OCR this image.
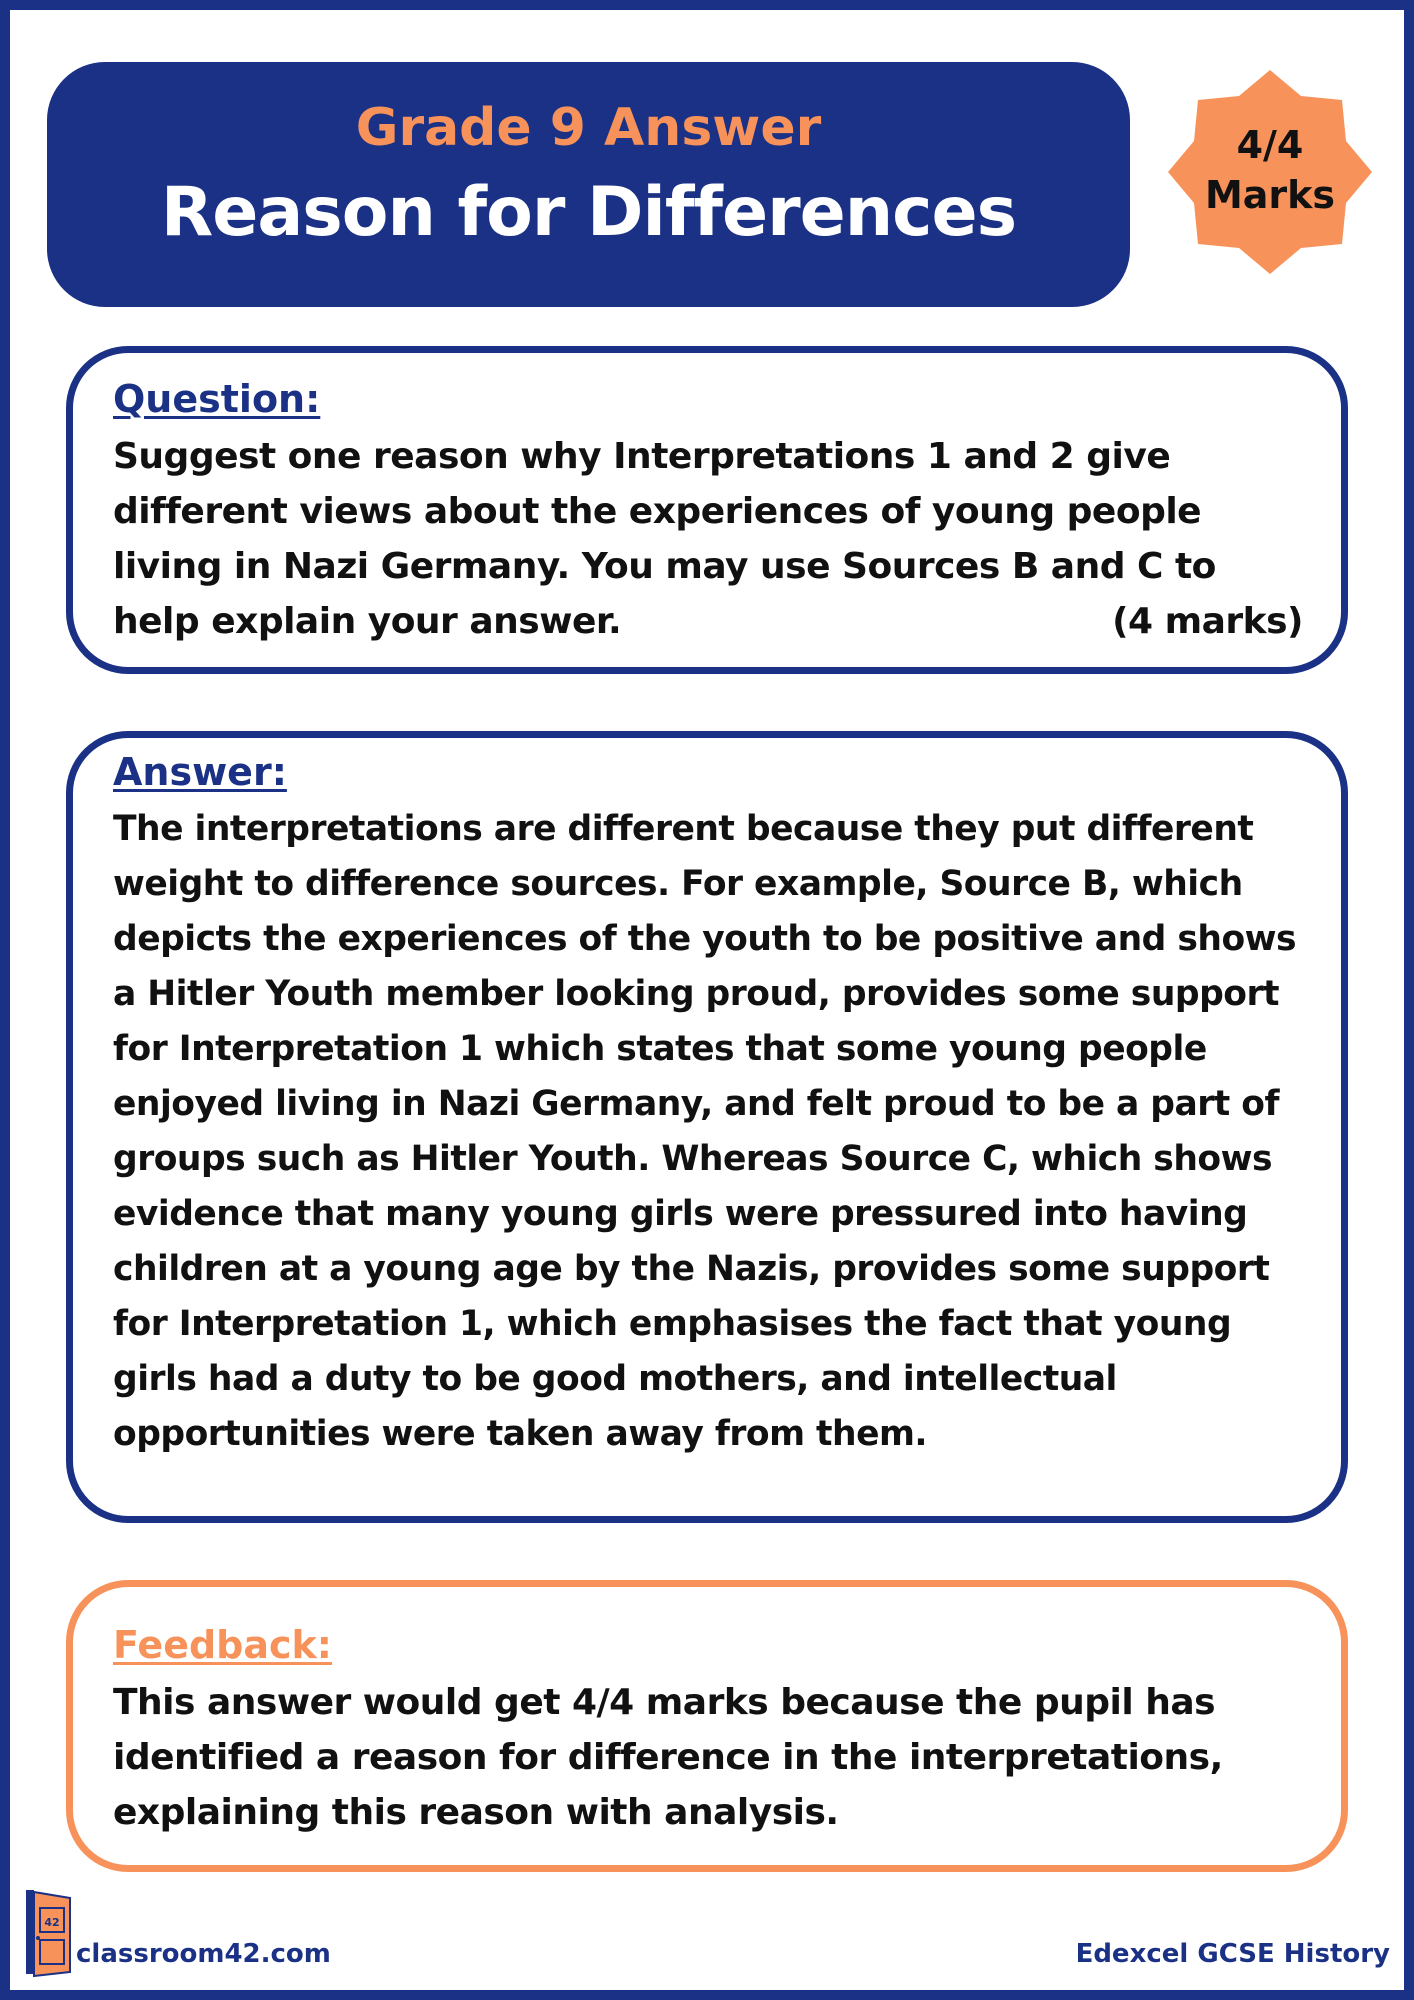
Grade 9 Answer
Reason for Differences
4/4
Marks
Question:
Suggest one reason why Interpretations 1 and 2 give different views about the experiences of young people living in Nazi Germany. You may use Sources B and C to help explain your answer.	(4 marks)
Answer:
The interpretations are different because they put different weight to difference sources. For example, Source B, which depicts the experiences of the youth to be positive and shows a Hitler Youth member looking proud, provides some support for Interpretation 1 which states that some young people enjoyed living in Nazi Germany, and felt proud to be a part of groups such as Hitler Youth. Whereas Source C, which shows evidence that many young girls were pressured into having children at a young age by the Nazis, provides some support for Interpretation 1, which emphasises the fact that young girls had a duty to be good mothers, and intellectual opportunities were taken away from them.
Feedback:
This answer would get 4/4 marks because the pupil has identified a reason for difference in the interpretations, explaining this reason with analysis.
42
classroom42.com	Edexcel GCSE History
